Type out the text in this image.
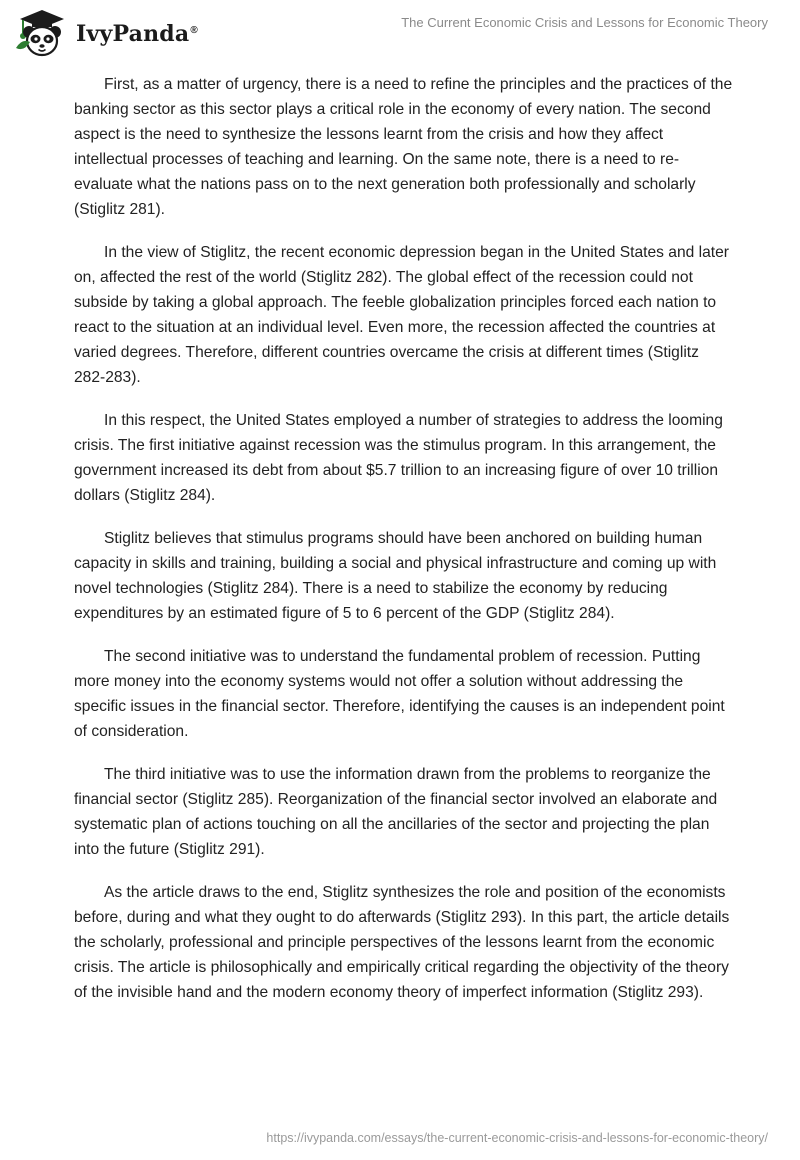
IvyPanda®
The Current Economic Crisis and Lessons for Economic Theory

First, as a matter of urgency, there is a need to refine the principles and the practices of the banking sector as this sector plays a critical role in the economy of every nation. The second aspect is the need to synthesize the lessons learnt from the crisis and how they affect intellectual processes of teaching and learning. On the same note, there is a need to re-evaluate what the nations pass on to the next generation both professionally and scholarly (Stiglitz 281).

In the view of Stiglitz, the recent economic depression began in the United States and later on, affected the rest of the world (Stiglitz 282). The global effect of the recession could not subside by taking a global approach. The feeble globalization principles forced each nation to react to the situation at an individual level. Even more, the recession affected the countries at varied degrees. Therefore, different countries overcame the crisis at different times (Stiglitz 282-283).

In this respect, the United States employed a number of strategies to address the looming crisis. The first initiative against recession was the stimulus program. In this arrangement, the government increased its debt from about $5.7 trillion to an increasing figure of over 10 trillion dollars (Stiglitz 284).

Stiglitz believes that stimulus programs should have been anchored on building human capacity in skills and training, building a social and physical infrastructure and coming up with novel technologies (Stiglitz 284). There is a need to stabilize the economy by reducing expenditures by an estimated figure of 5 to 6 percent of the GDP (Stiglitz 284).

The second initiative was to understand the fundamental problem of recession. Putting more money into the economy systems would not offer a solution without addressing the specific issues in the financial sector. Therefore, identifying the causes is an independent point of consideration.

The third initiative was to use the information drawn from the problems to reorganize the financial sector (Stiglitz 285). Reorganization of the financial sector involved an elaborate and systematic plan of actions touching on all the ancillaries of the sector and projecting the plan into the future (Stiglitz 291).

As the article draws to the end, Stiglitz synthesizes the role and position of the economists before, during and what they ought to do afterwards (Stiglitz 293). In this part, the article details the scholarly, professional and principle perspectives of the lessons learnt from the economic crisis. The article is philosophically and empirically critical regarding the objectivity of the theory of the invisible hand and the modern economy theory of imperfect information (Stiglitz 293).

https://ivypanda.com/essays/the-current-economic-crisis-and-lessons-for-economic-theory/
